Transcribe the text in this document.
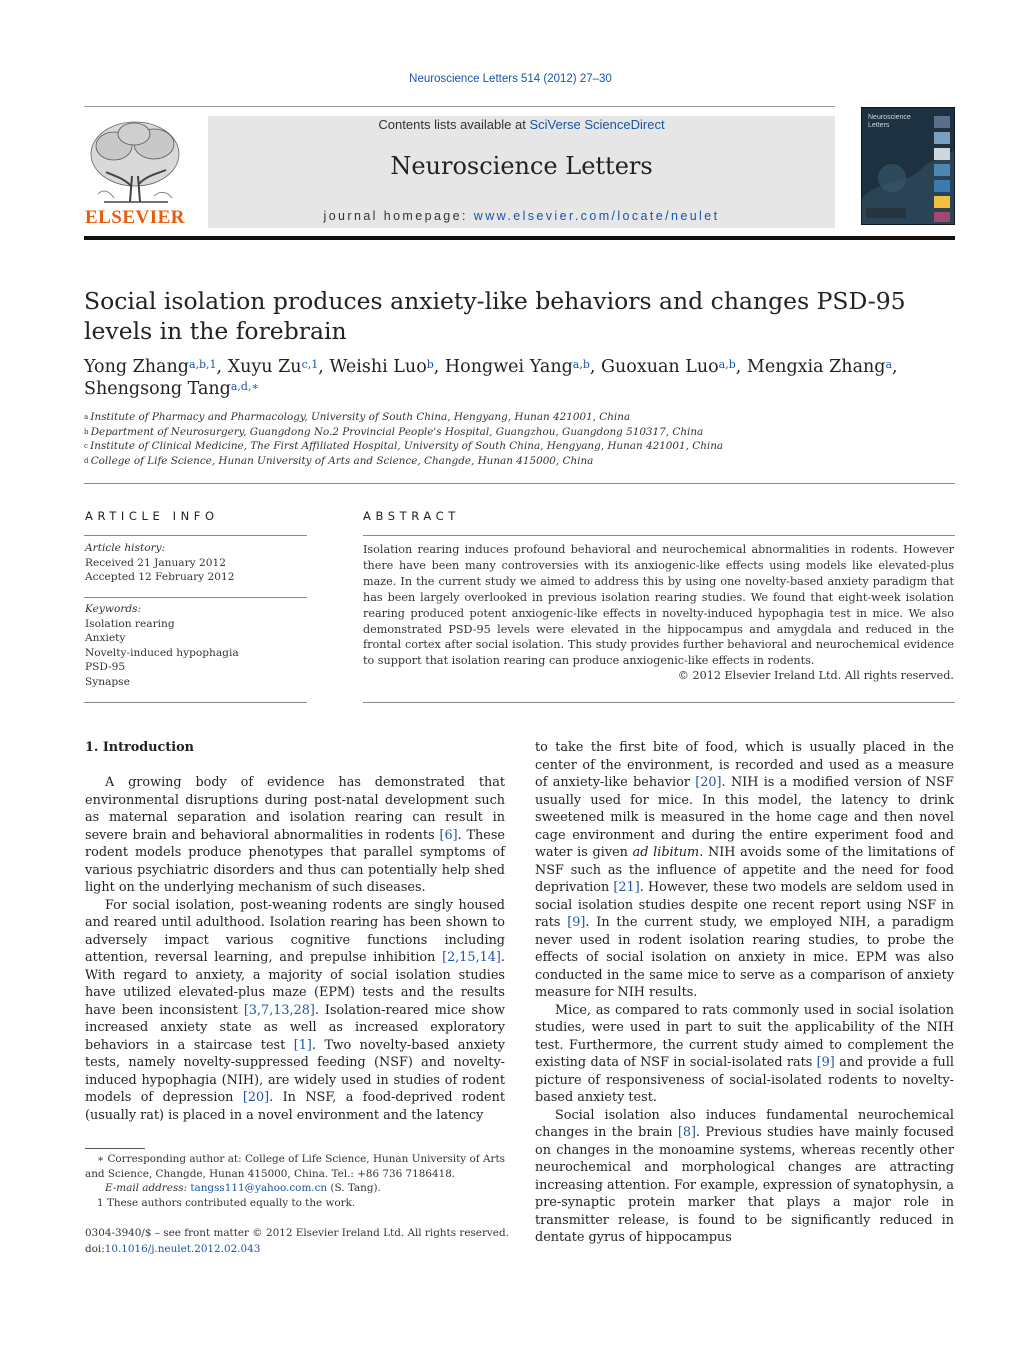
Neuroscience Letters 514 (2012) 27–30
ELSEVIER
Contents lists available at SciVerse ScienceDirect
Neuroscience Letters
journal homepage: www.elsevier.com/locate/neulet
Neuroscience Letters
Social isolation produces anxiety-like behaviors and changes PSD-95 levels in the forebrain
Yong Zhang$^{a,b,1}$, Xuyu Zu$^{c,1}$, Weishi Luo$^b$, Hongwei Yang$^{a,b}$, Guoxuan Luo$^{a,b}$, Mengxia Zhang$^a$,
Shengsong Tang$^{a,d,∗}$
$^a$ Institute of Pharmacy and Pharmacology, University of South China, Hengyang, Hunan 421001, China
$^b$ Department of Neurosurgery, Guangdong No.2 Provincial People's Hospital, Guangzhou, Guangdong 510317, China
$^c$ Institute of Clinical Medicine, The First Affiliated Hospital, University of South China, Hengyang, Hunan 421001, China
$^d$ College of Life Science, Hunan University of Arts and Science, Changde, Hunan 415000, China
ARTICLE INFO
Article history:
Received 21 January 2012
Accepted 12 February 2012
Keywords:
Isolation rearing
Anxiety
Novelty-induced hypophagia
PSD-95
Synapse
ABSTRACT
Isolation rearing induces profound behavioral and neurochemical abnormalities in rodents. However there have been many controversies with its anxiogenic-like effects using models like elevated-plus maze. In the current study we aimed to address this by using one novelty-based anxiety paradigm that has been largely overlooked in previous isolation rearing studies. We found that eight-week isolation rearing produced potent anxiogenic-like effects in novelty-induced hypophagia test in mice. We also demonstrated PSD-95 levels were elevated in the hippocampus and amygdala and reduced in the frontal cortex after social isolation. This study provides further behavioral and neurochemical evidence to support that isolation rearing can produce anxiogenic-like effects in rodents.
© 2012 Elsevier Ireland Ltd. All rights reserved.
1. Introduction

A growing body of evidence has demonstrated that environmental disruptions during post-natal development such as maternal separation and isolation rearing can result in severe brain and behavioral abnormalities in rodents [6]. These rodent models produce phenotypes that parallel symptoms of various psychiatric disorders and thus can potentially help shed light on the underlying mechanism of such diseases.

For social isolation, post-weaning rodents are singly housed and reared until adulthood. Isolation rearing has been shown to adversely impact various cognitive functions including attention, reversal learning, and prepulse inhibition [2,15,14]. With regard to anxiety, a majority of social isolation studies have utilized elevated-plus maze (EPM) tests and the results have been inconsistent [3,7,13,28]. Isolation-reared mice show increased anxiety state as well as increased exploratory behaviors in a staircase test [1]. Two novelty-based anxiety tests, namely novelty-suppressed feeding (NSF) and novelty-induced hypophagia (NIH), are widely used in studies of rodent models of depression [20]. In NSF, a food-deprived rodent (usually rat) is placed in a novel environment and the latency

to take the first bite of food, which is usually placed in the center of the environment, is recorded and used as a measure of anxiety-like behavior [20]. NIH is a modified version of NSF usually used for mice. In this model, the latency to drink sweetened milk is measured in the home cage and then novel cage environment and during the entire experiment food and water is given ad libitum. NIH avoids some of the limitations of NSF such as the influence of appetite and the need for food deprivation [21]. However, these two models are seldom used in social isolation studies despite one recent report using NSF in rats [9]. In the current study, we employed NIH, a paradigm never used in rodent isolation rearing studies, to probe the effects of social isolation on anxiety in mice. EPM was also conducted in the same mice to serve as a comparison of anxiety measure for NIH results.

Mice, as compared to rats commonly used in social isolation studies, were used in part to suit the applicability of the NIH test. Furthermore, the current study aimed to complement the existing data of NSF in social-isolated rats [9] and provide a full picture of responsiveness of social-isolated rodents to novelty-based anxiety test.

Social isolation also induces fundamental neurochemical changes in the brain [8]. Previous studies have mainly focused on changes in the monoamine systems, whereas recently other neurochemical and morphological changes are attracting increasing attention. For example, expression of synatophysin, a pre-synaptic protein marker that plays a major role in transmitter release, is found to be significantly reduced in dentate gyrus of hippocampus

∗ Corresponding author at: College of Life Science, Hunan University of Arts and Science, Changde, Hunan 415000, China. Tel.: +86 736 7186418.

E-mail address: tangss111@yahoo.com.cn (S. Tang).

1 These authors contributed equally to the work.

0304-3940/$ – see front matter © 2012 Elsevier Ireland Ltd. All rights reserved.
doi:10.1016/j.neulet.2012.02.043
